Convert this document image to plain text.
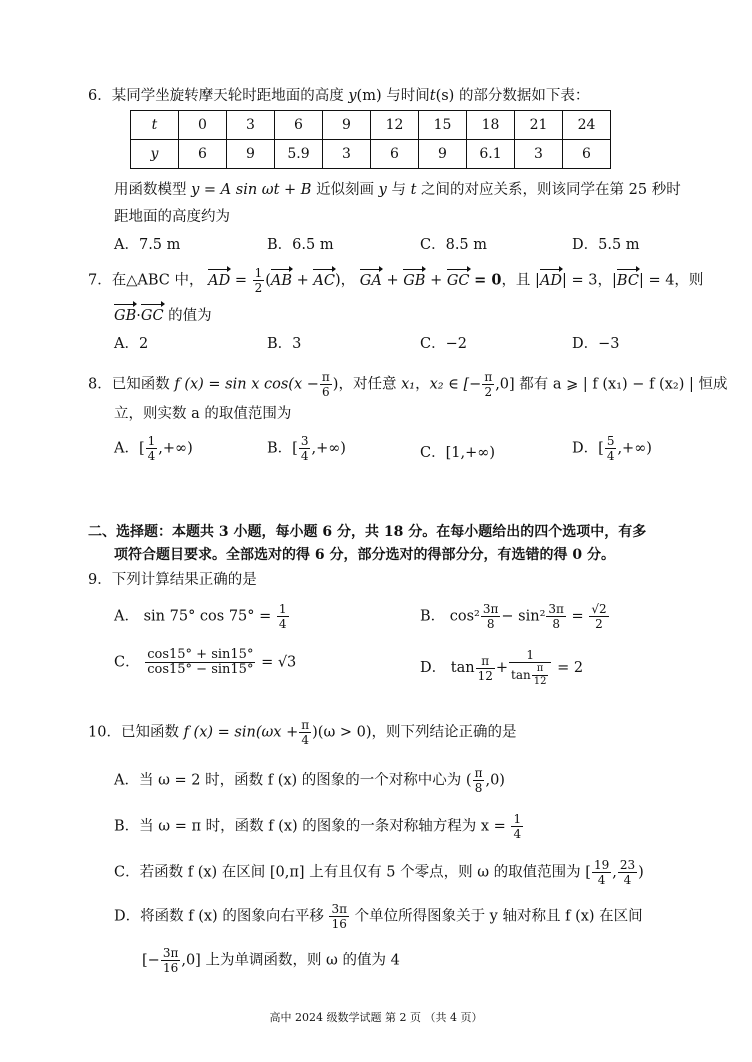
6．某同学坐旋转摩天轮时距地面的高度 y(m) 与时间t(s) 的部分数据如下表：
t	0	3	6	9	12	15	18	21	24
y	6	9	5.9	3	6	9	6.1	3	6
用函数模型 y = A sin ωt + B 近似刻画 y 与 t 之间的对应关系，则该同学在第 25 秒时
距地面的高度约为
A．7.5 m	B．6.5 m	C．8.5 m	D．5.5 m
7．在△ABC 中， AD = $\frac{1}{2} (AB + AC)$， GA + GB + GC = 0，且 |AD| = 3，|BC| = 4，则
GB·GC 的值为
A．2	B．3	C．−2	D．−3
8．已知函数 f (x) = sin x $\cos(x - \frac{\pi}{6}$ )，对任意 x₁，x₂ ∈ [− $\frac{\pi}{2} ,0$] 都有 a ⩾ | f (x₁) − f (x₂) | 恒成
立，则实数 a 的取值范围为
A．[ $\frac{1}{4}$ ,+∞)	B．[ $\frac{3}{4}$ ,+∞)	C．[1,+∞)	D．[ $\frac{5}{4}$ ,+∞)
二、选择题：本题共 3 小题，每小题 6 分，共 18 分。在每小题给出的四个选项中，有多
项符合题目要求。全部选对的得 6 分，部分选对的得部分分，有选错的得 0 分。
9．下列计算结果正确的是
A． sin 75° $\cos 75^\circ = \frac{1}{4}$	B． $\cos^2 \frac{3\pi}{8} - \sin^2 \frac{3\pi}{8} = \frac{√2}{2}$
C． $\frac{\cos 15^\circ + \sin 15^\circ}{\cos 15^\circ - \sin 15^\circ} = √3$	D． $\tan \frac{\pi}{12} + \frac{1}{\tan \frac{\pi}{12}} = 2$
10．已知函数 f $(x) = \sin(\omega x + \frac{\pi}{4} )(\omega > 0)$，则下列结论正确的是
A．当 ω = 2 时，函数 f (x) 的图象的一个对称中心为 ( $\frac{\pi}{8} ,0$)
B．当 ω = π 时，函数 f (x) 的图象的一条对称轴方程为 $x = \frac{1}{4}$
C．若函数 f (x) 在区间 [0,π] 上有且仅有 5 个零点，则 ω 的取值范围为 [ $\frac{19}{4}$ , $\frac{23}{4}$ )
D．将函数 f (x) 的图象向右平移 $\frac{3\pi}{16}$ 个单位所得图象关于 y 轴对称且 f (x) 在区间
[− $\frac{3\pi}{16} ,0$] 上为单调函数，则 ω 的值为 4
高中 2024 级数学试题 第 2 页 （共 4 页）
